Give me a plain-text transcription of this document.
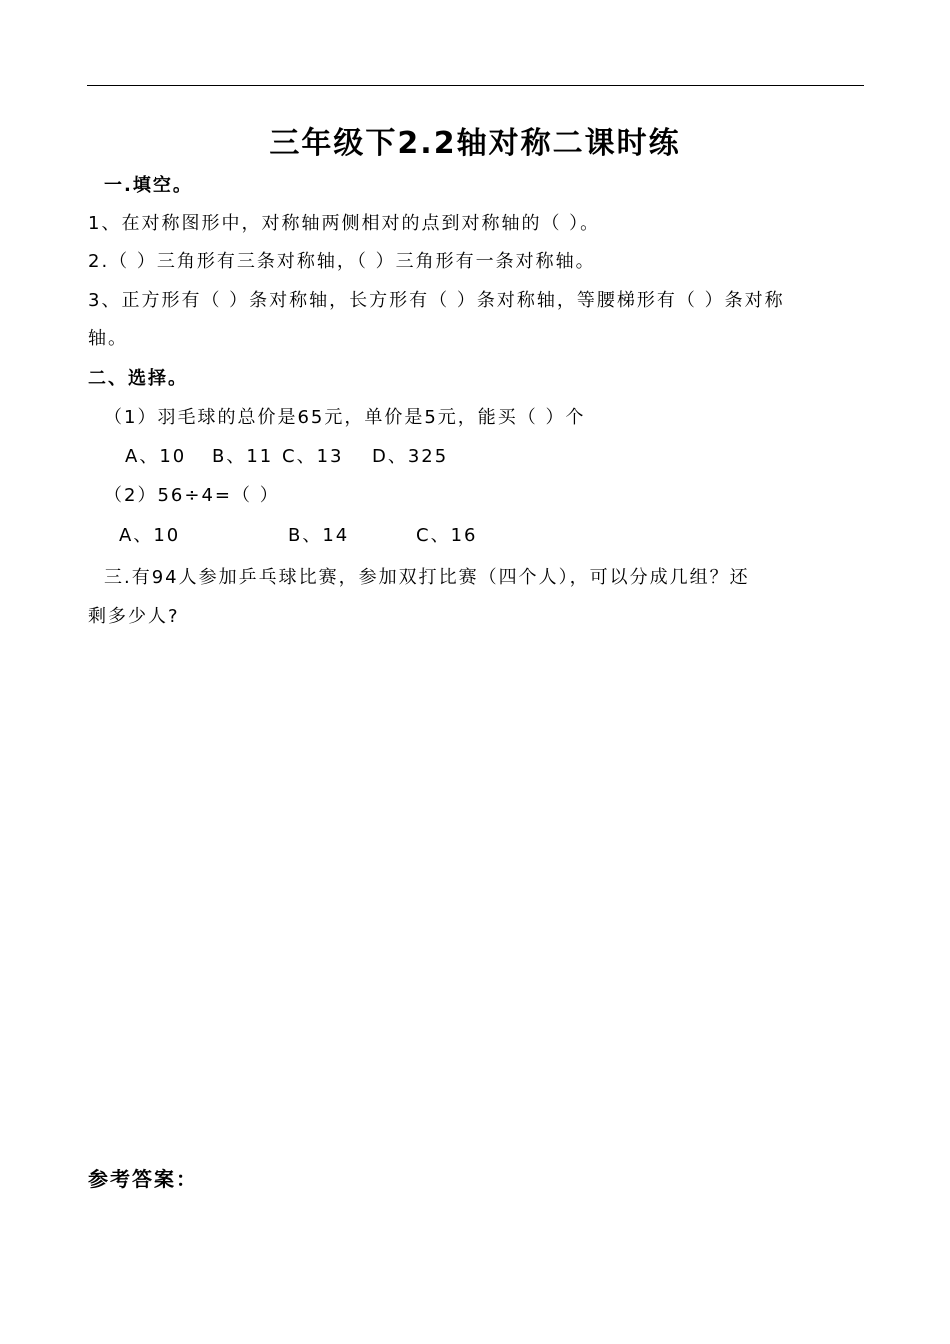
三年级下2.2轴对称二课时练
一.填空。
1、在对称图形中，对称轴两侧相对的点到对称轴的（ ）。
2.（ ）三角形有三条对称轴，（ ）三角形有一条对称轴。
3、正方形有（ ）条对称轴，长方形有（ ）条对称轴，等腰梯形有（ ）条对称
轴。
二、选择。
（1）羽毛球的总价是65元，单价是5元，能买（ ）个
A、10 B、11 C、13 D、325
（2）56÷4=（ ）
A、10	B、14	C、16
三.有94人参加乒乓球比赛，参加双打比赛（四个人），可以分成几组？还
剩多少人?
参考答案：
